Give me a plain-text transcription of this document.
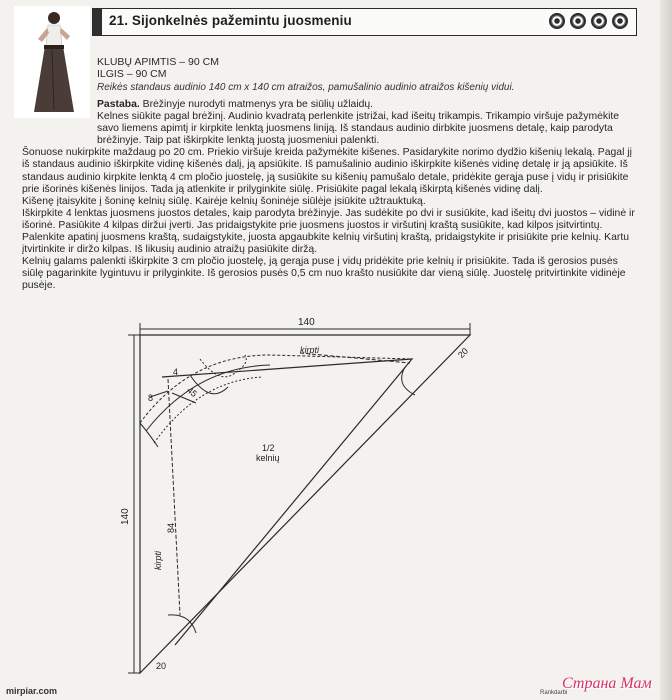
21. Sijonkelnės pažemintu juosmeniu
KLUBŲ APIMTIS – 90 CM
ILGIS – 90 CM
Reikės standaus audinio 140 cm x 140 cm atraižos, pamušalinio audinio atraižos kišenių vidui.

Pastaba. Brėžinyje nurodyti matmenys yra be siūlių užlaidų.

Kelnes siūkite pagal brėžinį. Audinio kvadratą perlenkite įstrižai, kad išeitų trikampis. Trikampio viršuje pažymėkite savo liemens apimtį ir kirpkite lenktą juosmens liniją. Iš standaus audinio dirbkite juosmens detalę, kaip parodyta brėžinyje. Taip pat iškirpkite lenktą juostą juosmeniui palenkti.

Šonuose nukirpkite maždaug po 20 cm. Priekio viršuje kreida pažymėkite kišenes. Pasidarykite norimo dydžio kišenių lekalą. Pagal jį iš standaus audinio iškirpkite vidinę kišenės dalį, ją apsiūkite. Iš pamušalinio audinio iškirpkite kišenės vidinę detalę ir ją apsiūkite. Iš standaus audinio kirpkite lenktą 4 cm pločio juostelę, ją susiūkite su kišenių pamušalo detale, pridėkite gerąja puse į vidų ir prisiūkite prie išorinės kišenės linijos. Tada ją atlenkite ir prilyginkite siūlę. Prisiūkite pagal lekalą iškirptą kišenės vidinę dalį.

Kišenę įtaisykite į šoninę kelnių siūlę. Kairėje kelnių šoninėje siūlėje įsiūkite užtrauktuką.

Iškirpkite 4 lenktas juosmens juostos detales, kaip parodyta brėžinyje. Jas sudėkite po dvi ir susiūkite, kad išeitų dvi juostos – vidinė ir išorinė. Pasiūkite 4 kilpas diržui įverti. Jas pridaigstykite prie juosmens juostos ir viršutinį kraštą susiūkite, kad kilpos įsitvirtintų.

Palenkite apatinį juosmens kraštą, sudaigstykite, juosta apgaubkite kelnių viršutinį kraštą, pridaigstykite ir prisiūkite prie kelnių. Kartu įtvirtinkite ir diržo kilpas. Iš likusių audinio atraižų pasiūkite diržą.

Kelnių galams palenkti iškirpkite 3 cm pločio juostelę, ją gerąja puse į vidų pridėkite prie kelnių ir prisiūkite. Tada iš gerosios pusės siūlę pagarinkite lygintuvu ir prilyginkite. Iš gerosios pusės 0,5 cm nuo krašto nusiūkite dar vieną siūlę. Juostelę pritvirtinkite vidinėje pusėje.

140
140
kirpti
kirpti
20
20
45
84
8
4
1/2
kelnių
mirpiar.com	Rankdarbi
Страна Мам
